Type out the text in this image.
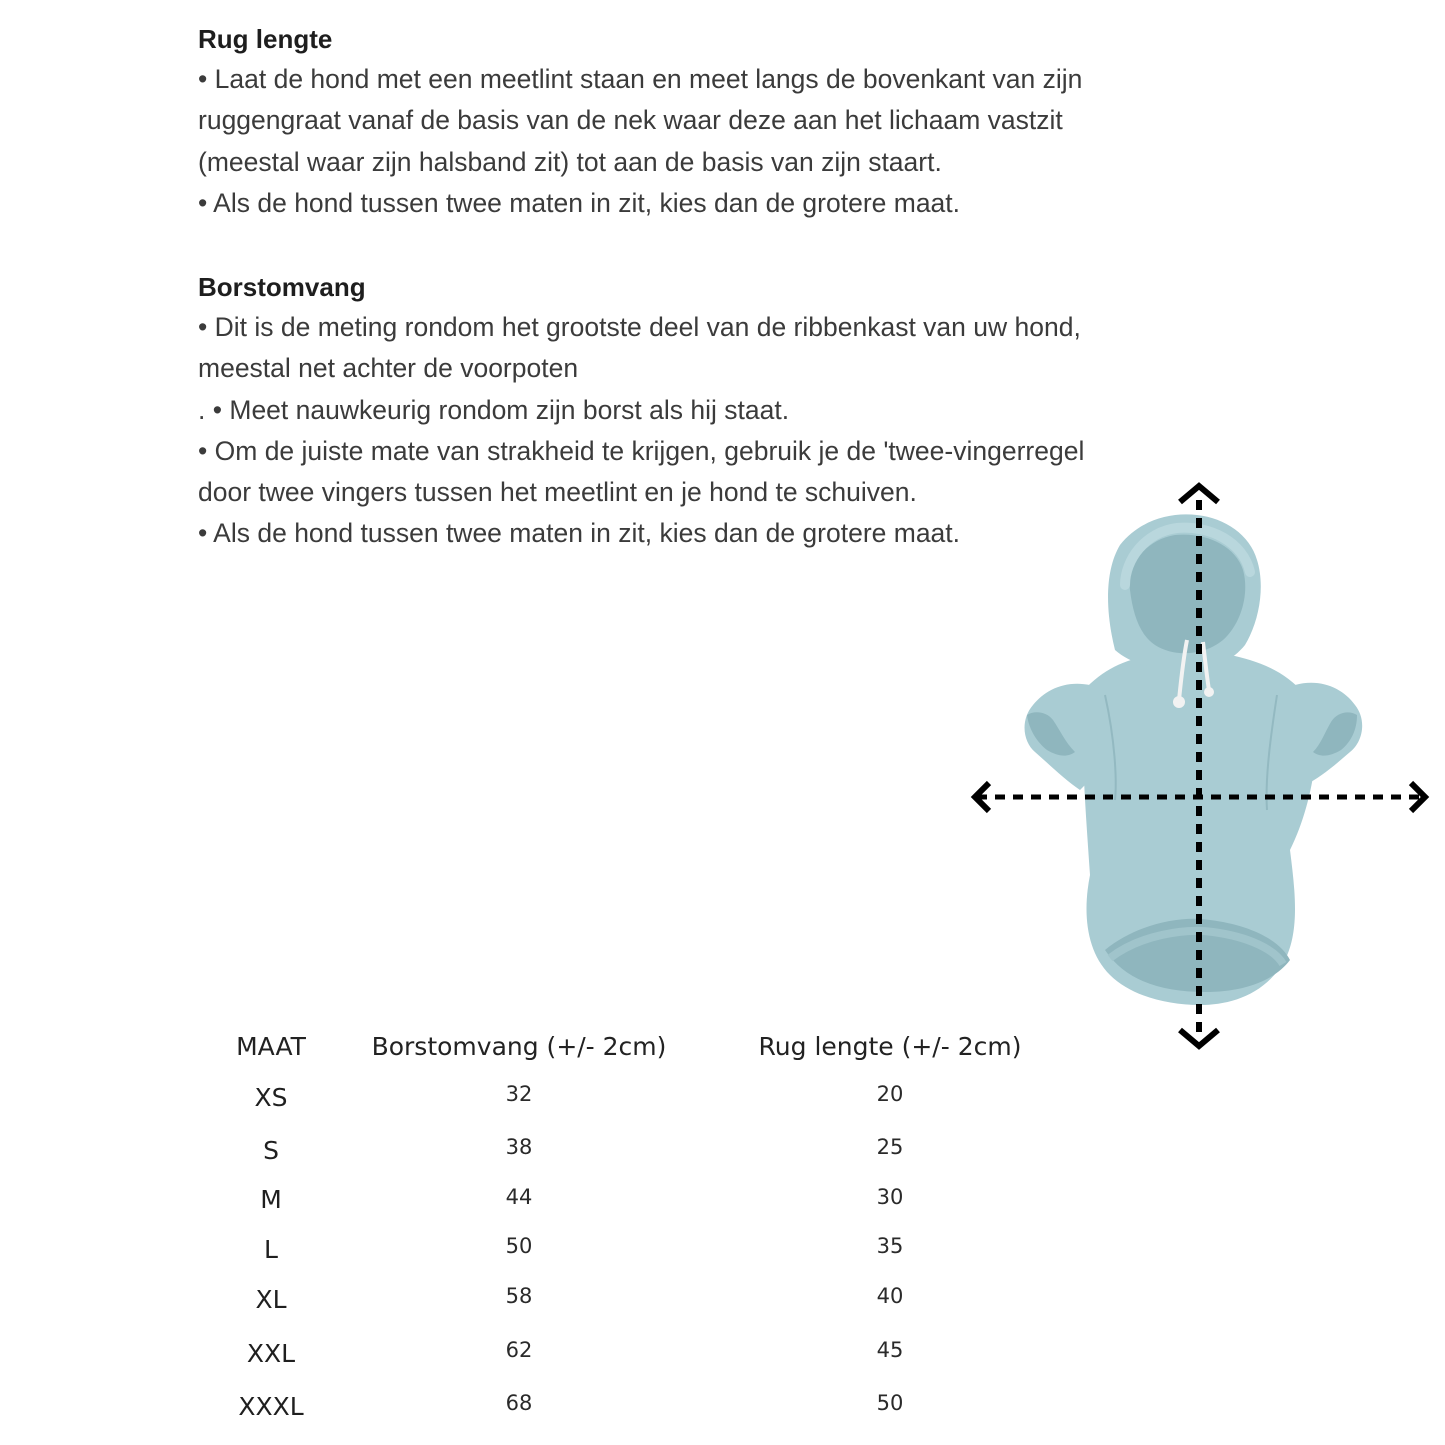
Rug lengte
• Laat de hond met een meetlint staan en meet langs de bovenkant van zijn
ruggengraat vanaf de basis van de nek waar deze aan het lichaam vastzit
(meestal waar zijn halsband zit) tot aan de basis van zijn staart.
• Als de hond tussen twee maten in zit, kies dan de grotere maat.
Borstomvang
• Dit is de meting rondom het grootste deel van de ribbenkast van uw hond,
meestal net achter de voorpoten
. • Meet nauwkeurig rondom zijn borst als hij staat.
• Om de juiste mate van strakheid te krijgen, gebruik je de 'twee-vingerregel
door twee vingers tussen het meetlint en je hond te schuiven.
• Als de hond tussen twee maten in zit, kies dan de grotere maat.
MAAT	Borstomvang (+/- 2cm)	Rug lengte (+/- 2cm)
XS	32	20
S	38	25
M	44	30
L	50	35
XL	58	40
XXL	62	45
XXXL	68	50
